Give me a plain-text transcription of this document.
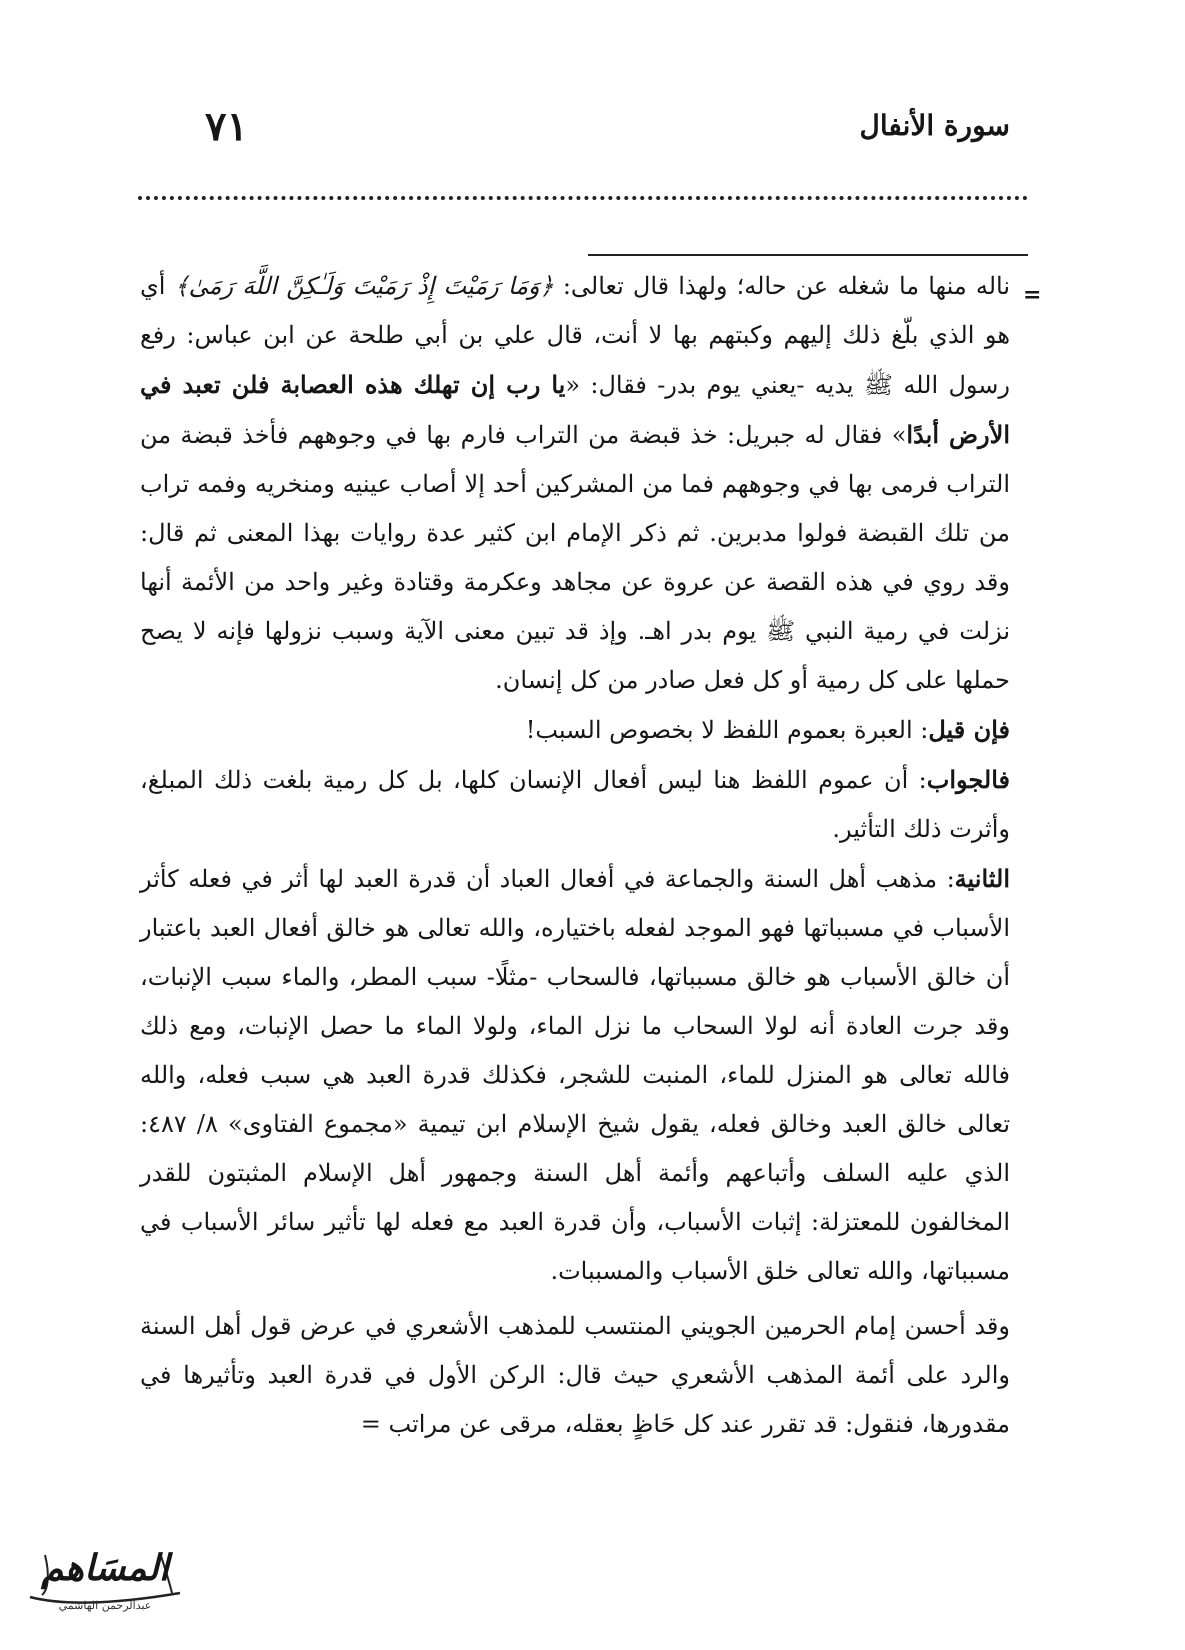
٧١	سورة الأنفال
=

ناله منها ما شغله عن حاله؛ ولهذا قال تعالى: ﴿وَمَا رَمَيْتَ إِذْ رَمَيْتَ وَلَـٰكِنَّ اللَّهَ رَمَىٰ﴾ أي هو الذي بلّغ ذلك إليهم وكبتهم بها لا أنت، قال علي بن أبي طلحة عن ابن عباس: رفع رسول الله ﷺ يديه -يعني يوم بدر- فقال: «يا رب إن تهلك هذه العصابة فلن تعبد في الأرض أبدًا» فقال له جبريل: خذ قبضة من التراب فارم بها في وجوههم فأخذ قبضة من التراب فرمى بها في وجوههم فما من المشركين أحد إلا أصاب عينيه ومنخريه وفمه تراب من تلك القبضة فولوا مدبرين. ثم ذكر الإمام ابن كثير عدة روايات بهذا المعنى ثم قال: وقد روي في هذه القصة عن عروة عن مجاهد وعكرمة وقتادة وغير واحد من الأئمة أنها نزلت في رمية النبي ﷺ يوم بدر اهـ. وإذ قد تبين معنى الآية وسبب نزولها فإنه لا يصح حملها على كل رمية أو كل فعل صادر من كل إنسان.

فإن قيل: العبرة بعموم اللفظ لا بخصوص السبب!

فالجواب: أن عموم اللفظ هنا ليس أفعال الإنسان كلها، بل كل رمية بلغت ذلك المبلغ، وأثرت ذلك التأثير.

الثانية: مذهب أهل السنة والجماعة في أفعال العباد أن قدرة العبد لها أثر في فعله كأثر الأسباب في مسبباتها فهو الموجد لفعله باختياره، والله تعالى هو خالق أفعال العبد باعتبار أن خالق الأسباب هو خالق مسبباتها، فالسحاب -مثلًا- سبب المطر، والماء سبب الإنبات، وقد جرت العادة أنه لولا السحاب ما نزل الماء، ولولا الماء ما حصل الإنبات، ومع ذلك فالله تعالى هو المنزل للماء، المنبت للشجر، فكذلك قدرة العبد هي سبب فعله، والله تعالى خالق العبد وخالق فعله، يقول شيخ الإسلام ابن تيمية «مجموع الفتاوى» ٨/ ٤٨٧: الذي عليه السلف وأتباعهم وأئمة أهل السنة وجمهور أهل الإسلام المثبتون للقدر المخالفون للمعتزلة: إثبات الأسباب، وأن قدرة العبد مع فعله لها تأثير سائر الأسباب في مسبباتها، والله تعالى خلق الأسباب والمسببات.

وقد أحسن إمام الحرمين الجويني المنتسب للمذهب الأشعري في عرض قول أهل السنة والرد على أئمة المذهب الأشعري حيث قال: الركن الأول في قدرة العبد وتأثيرها في مقدورها، فنقول: قد تقرر عند كل حَاظٍ بعقله، مرقى عن مراتب =

المسَاهم
عبدالرحمن الهاشمي
